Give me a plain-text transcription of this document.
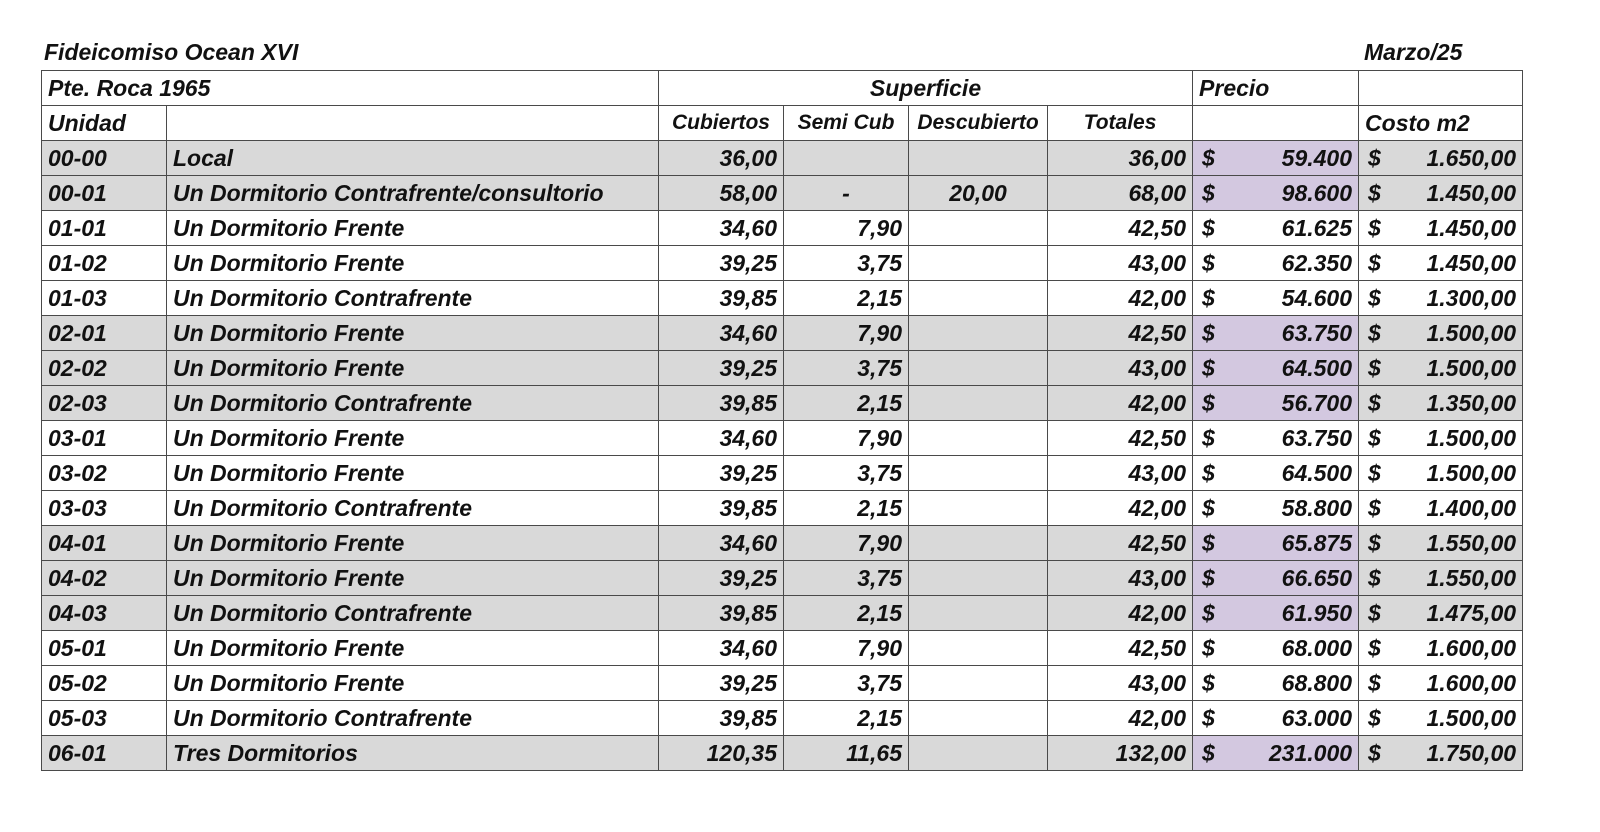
Fideicomiso Ocean XVI	Marzo/25
Pte. Roca 1965		Superficie				Precio	
Unidad		Cubiertos	Semi Cub	Descubierto	Totales		Costo m2
00-00	Local	36,00			36,00	$ 59.400	$ 1.650,00

00-01	Un Dormitorio Contrafrente/consultorio	58,00	-	20,00	68,00	$ 98.600	$ 1.450,00

01-01	Un Dormitorio Frente	34,60	7,90		42,50	$ 61.625	$ 1.450,00

01-02	Un Dormitorio Frente	39,25	3,75		43,00	$ 62.350	$ 1.450,00

01-03	Un Dormitorio Contrafrente	39,85	2,15		42,00	$ 54.600	$ 1.300,00

02-01	Un Dormitorio Frente	34,60	7,90		42,50	$ 63.750	$ 1.500,00

02-02	Un Dormitorio Frente	39,25	3,75		43,00	$ 64.500	$ 1.500,00

02-03	Un Dormitorio Contrafrente	39,85	2,15		42,00	$ 56.700	$ 1.350,00

03-01	Un Dormitorio Frente	34,60	7,90		42,50	$ 63.750	$ 1.500,00

03-02	Un Dormitorio Frente	39,25	3,75		43,00	$ 64.500	$ 1.500,00

03-03	Un Dormitorio Contrafrente	39,85	2,15		42,00	$ 58.800	$ 1.400,00

04-01	Un Dormitorio Frente	34,60	7,90		42,50	$ 65.875	$ 1.550,00

04-02	Un Dormitorio Frente	39,25	3,75		43,00	$ 66.650	$ 1.550,00

04-03	Un Dormitorio Contrafrente	39,85	2,15		42,00	$ 61.950	$ 1.475,00

05-01	Un Dormitorio Frente	34,60	7,90		42,50	$ 68.000	$ 1.600,00

05-02	Un Dormitorio Frente	39,25	3,75		43,00	$ 68.800	$ 1.600,00

05-03	Un Dormitorio Contrafrente	39,85	2,15		42,00	$ 63.000	$ 1.500,00

06-01	Tres Dormitorios	120,35	11,65		132,00	$ 231.000	$ 1.750,00
